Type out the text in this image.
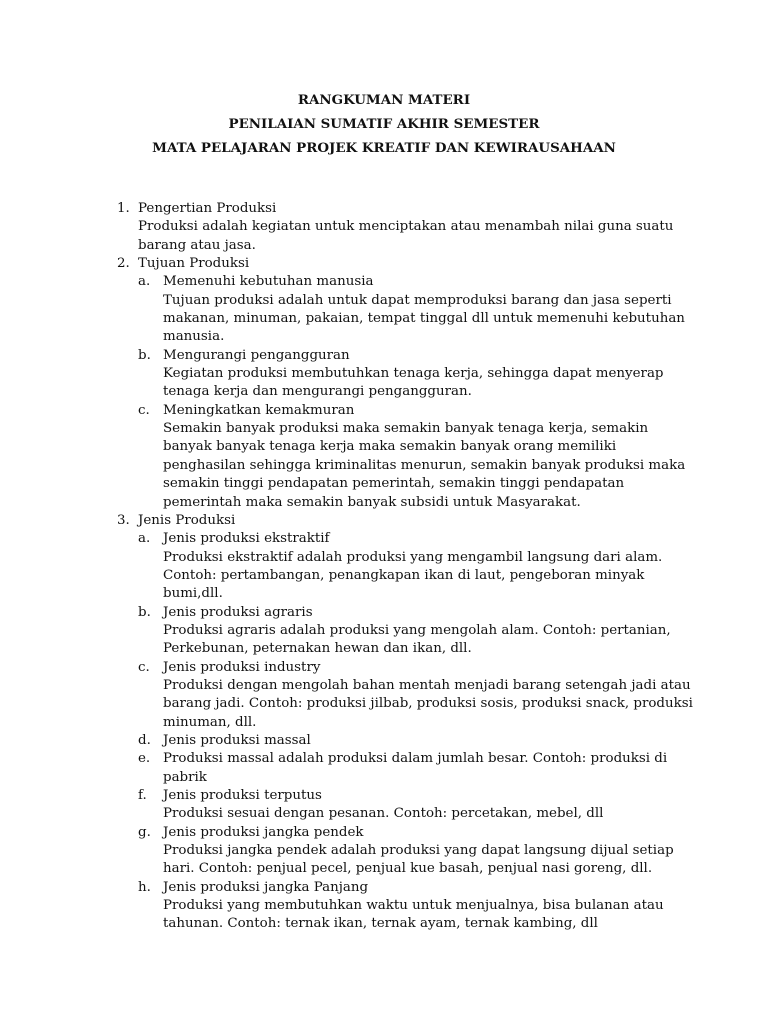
RANGKUMAN MATERI
PENILAIAN SUMATIF AKHIR SEMESTER
MATA PELAJARAN PROJEK KREATIF DAN KEWIRAUSAHAAN
1. Pengertian Produksi
Produksi adalah kegiatan untuk menciptakan atau menambah nilai guna suatu
barang atau jasa.
2. Tujuan Produksi
a. Memenuhi kebutuhan manusia
Tujuan produksi adalah untuk dapat memproduksi barang dan jasa seperti
makanan, minuman, pakaian, tempat tinggal dll untuk memenuhi kebutuhan
manusia.
b. Mengurangi pengangguran
Kegiatan produksi membutuhkan tenaga kerja, sehingga dapat menyerap
tenaga kerja dan mengurangi pengangguran.
c. Meningkatkan kemakmuran
Semakin banyak produksi maka semakin banyak tenaga kerja, semakin
banyak banyak tenaga kerja maka semakin banyak orang memiliki
penghasilan sehingga kriminalitas menurun, semakin banyak produksi maka
semakin tinggi pendapatan pemerintah, semakin tinggi pendapatan
pemerintah maka semakin banyak subsidi untuk Masyarakat.
3. Jenis Produksi
a. Jenis produksi ekstraktif
Produksi ekstraktif adalah produksi yang mengambil langsung dari alam.
Contoh: pertambangan, penangkapan ikan di laut, pengeboran minyak
bumi,dll.
b. Jenis produksi agraris
Produksi agraris adalah produksi yang mengolah alam. Contoh: pertanian,
Perkebunan, peternakan hewan dan ikan, dll.
c. Jenis produksi industry
Produksi dengan mengolah bahan mentah menjadi barang setengah jadi atau
barang jadi. Contoh: produksi jilbab, produksi sosis, produksi snack, produksi
minuman, dll.
d. Jenis produksi massal
e. Produksi massal adalah produksi dalam jumlah besar. Contoh: produksi di
pabrik
f. Jenis produksi terputus
Produksi sesuai dengan pesanan. Contoh: percetakan, mebel, dll
g. Jenis produksi jangka pendek
Produksi jangka pendek adalah produksi yang dapat langsung dijual setiap
hari. Contoh: penjual pecel, penjual kue basah, penjual nasi goreng, dll.
h. Jenis produksi jangka Panjang
Produksi yang membutuhkan waktu untuk menjualnya, bisa bulanan atau
tahunan. Contoh: ternak ikan, ternak ayam, ternak kambing, dll
